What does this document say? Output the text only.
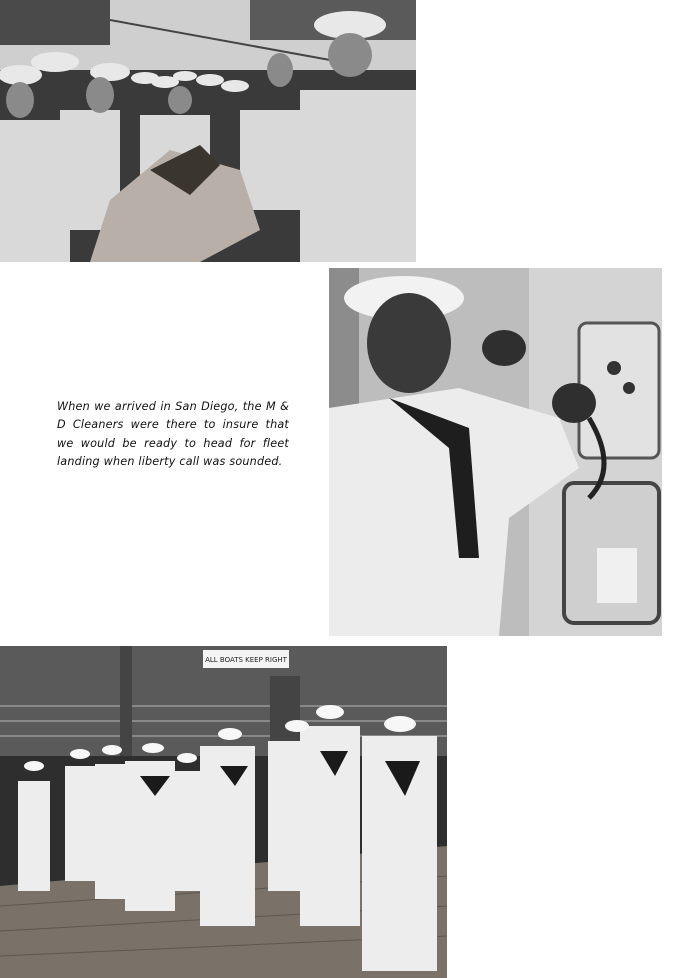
When we arrived in San Diego, the M & D Cleaners were there to insure that we would be ready to head for fleet landing when liberty call was sounded.
ALL BOATS KEEP RIGHT
